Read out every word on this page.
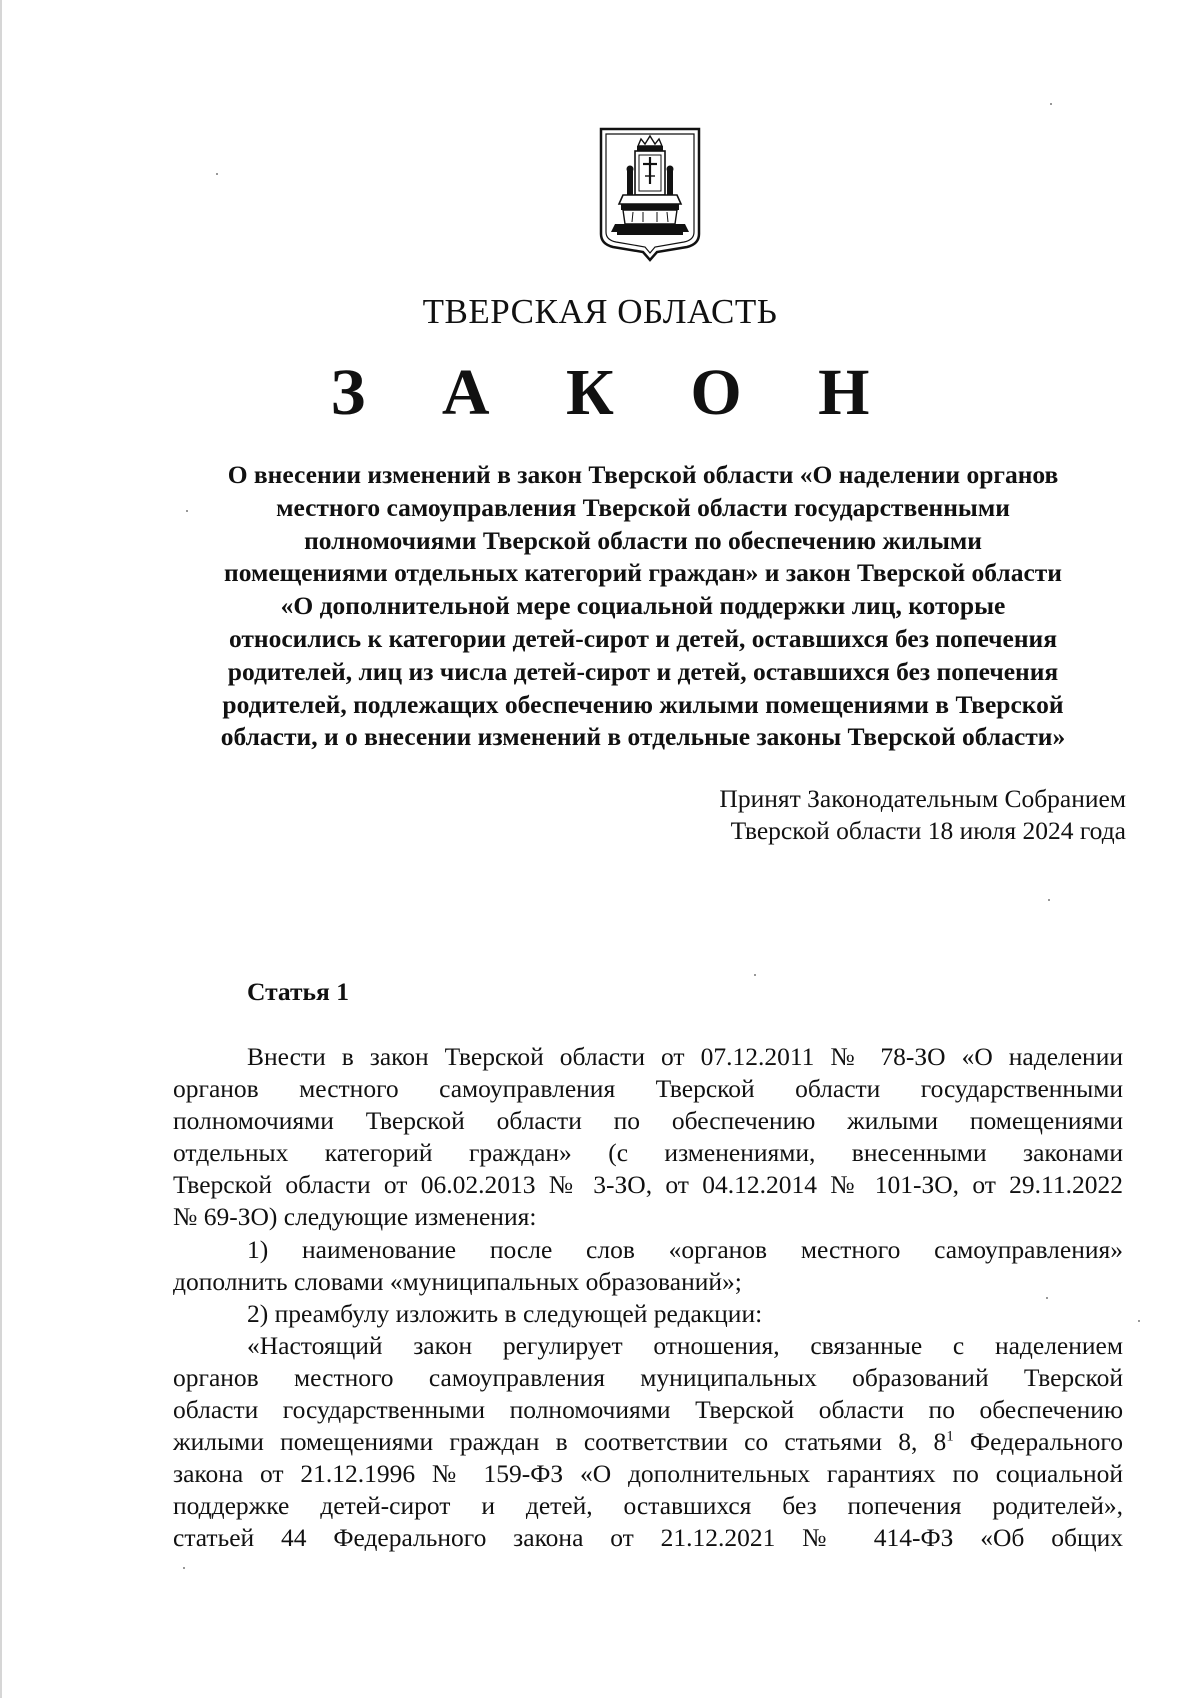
ТВЕРСКАЯ ОБЛАСТЬ
З А К О Н
О внесении изменений в закон Тверской области «О наделении органов
местного самоуправления Тверской области государственными
полномочиями Тверской области по обеспечению жилыми
помещениями отдельных категорий граждан» и закон Тверской области
«О дополнительной мере социальной поддержки лиц, которые
относились к категории детей-сирот и детей, оставшихся без попечения
родителей, лиц из числа детей-сирот и детей, оставшихся без попечения
родителей, подлежащих обеспечению жилыми помещениями в Тверской
области, и о внесении изменений в отдельные законы Тверской области»
Принят Законодательным Собранием
Тверской области 18 июля 2024 года
Статья 1
Внести в закон Тверской области от 07.12.2011 № 78-ЗО «О наделении
органов местного самоуправления Тверской области государственными
полномочиями Тверской области по обеспечению жилыми помещениями
отдельных категорий граждан» (с изменениями, внесенными законами
Тверской области от 06.02.2013 № 3-ЗО, от 04.12.2014 № 101-ЗО, от 29.11.2022
№ 69-ЗО) следующие изменения:
1) наименование после слов «органов местного самоуправления»
дополнить словами «муниципальных образований»;
2) преамбулу изложить в следующей редакции:
«Настоящий закон регулирует отношения, связанные с наделением
органов местного самоуправления муниципальных образований Тверской
области государственными полномочиями Тверской области по обеспечению
жилыми помещениями граждан в соответствии со статьями 8, $8^1$ Федерального
закона от 21.12.1996 № 159-ФЗ «О дополнительных гарантиях по социальной
поддержке детей-сирот и детей, оставшихся без попечения родителей»,
статьей 44 Федерального закона от 21.12.2021 № 414-ФЗ «Об общих
